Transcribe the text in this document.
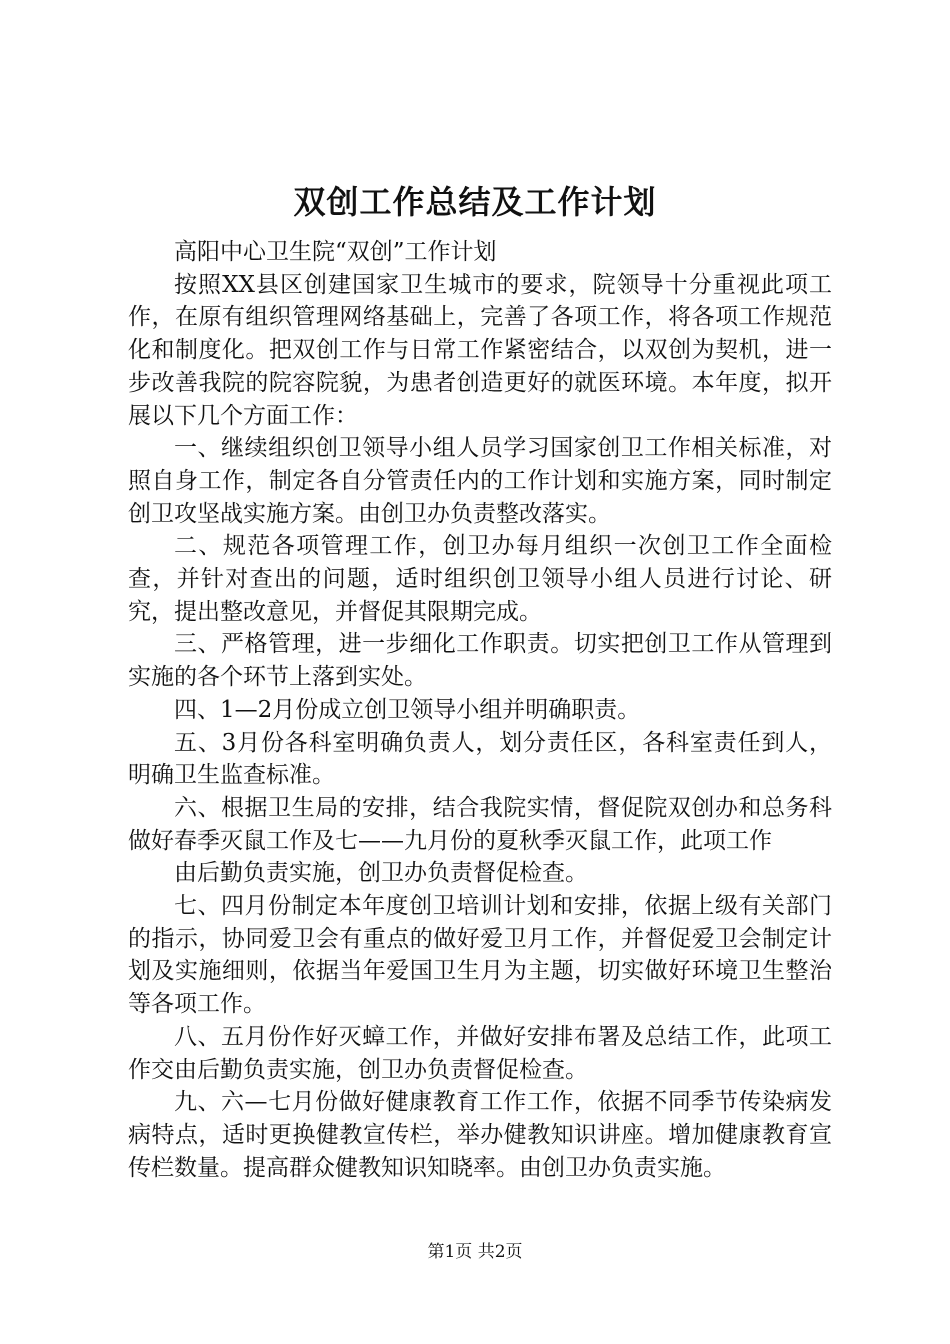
双创工作总结及工作计划

高阳中心卫生院“双创”工作计划

按照XX县区创建国家卫生城市的要求，院领导十分重视此项工作，在原有组织管理网络基础上，完善了各项工作，将各项工作规范化和制度化。把双创工作与日常工作紧密结合，以双创为契机，进一步改善我院的院容院貌，为患者创造更好的就医环境。本年度，拟开展以下几个方面工作：

一、继续组织创卫领导小组人员学习国家创卫工作相关标准，对照自身工作，制定各自分管责任内的工作计划和实施方案，同时制定创卫攻坚战实施方案。由创卫办负责整改落实。

二、规范各项管理工作，创卫办每月组织一次创卫工作全面检查，并针对查出的问题，适时组织创卫领导小组人员进行讨论、研究，提出整改意见，并督促其限期完成。

三、严格管理，进一步细化工作职责。切实把创卫工作从管理到实施的各个环节上落到实处。

四、1—2月份成立创卫领导小组并明确职责。

五、3月份各科室明确负责人，划分责任区，各科室责任到人，明确卫生监查标准。

六、根据卫生局的安排，结合我院实情，督促院双创办和总务科做好春季灭鼠工作及七——九月份的夏秋季灭鼠工作，此项工作

由后勤负责实施，创卫办负责督促检查。

七、四月份制定本年度创卫培训计划和安排，依据上级有关部门的指示，协同爱卫会有重点的做好爱卫月工作，并督促爱卫会制定计划及实施细则，依据当年爱国卫生月为主题，切实做好环境卫生整治等各项工作。

八、五月份作好灭蟑工作，并做好安排布署及总结工作，此项工作交由后勤负责实施，创卫办负责督促检查。

九、六—七月份做好健康教育工作工作，依据不同季节传染病发病特点，适时更换健教宣传栏，举办健教知识讲座。增加健康教育宣传栏数量。提高群众健教知识知晓率。由创卫办负责实施。

第1页 共2页
